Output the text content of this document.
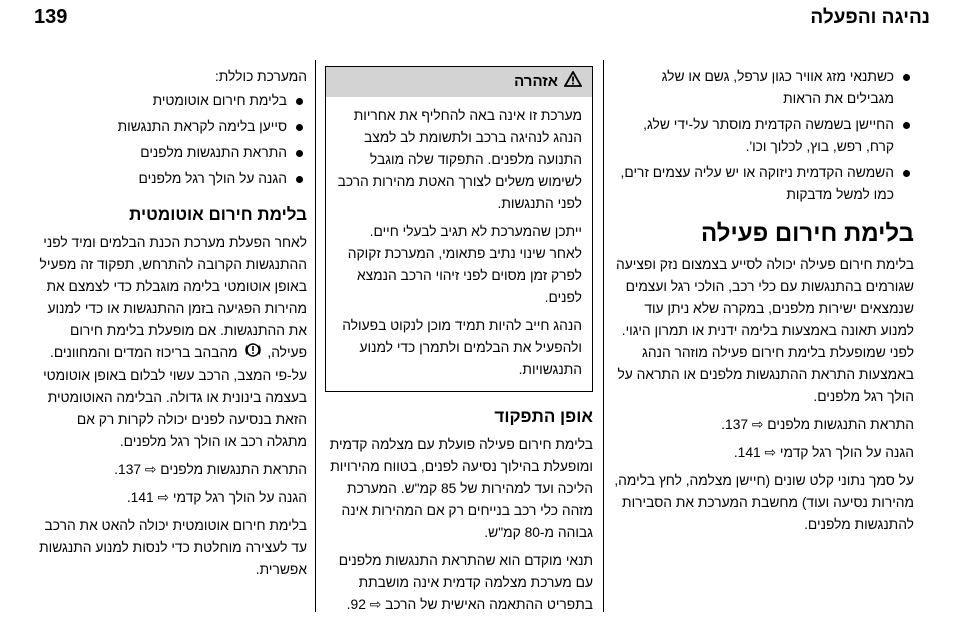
נהיגה והפעלה
139
כשתנאי מזג אוויר כגון ערפל, גשם או שלג מגבילים את הראות
החיישן בשמשה הקדמית מוסתר על-ידי שלג, קרח, רפש, בוץ, לכלוך וכו'.
השמשה הקדמית ניזוקה או יש עליה עצמים זרים, כמו למשל מדבקות
בלימת חירום פעילה

בלימת חירום פעילה יכולה לסייע בצמצום נזק ופציעה שגורמים בהתנגשות עם כלי רכב, הולכי רגל ועצמים שנמצאים ישירות מלפנים, במקרה שלא ניתן עוד למנוע תאונה באמצעות בלימה ידנית או תמרון היגוי. לפני שמופעלת בלימת חירום פעילה מוזהר הנהג באמצעות התראת ההתנגשות מלפנים או התראה על הולך רגל מלפנים.

התראת התנגשות מלפנים ⇨ 137.

הגנה על הולך רגל קדמי ⇨ 141.

על סמך נתוני קלט שונים (חיישן מצלמה, לחץ בלימה, מהירות נסיעה ועוד) מחשבת המערכת את הסבירות להתנגשות מלפנים.

אזהרה

מערכת זו אינה באה להחליף את אחריות הנהג לנהיגה ברכב ולתשומת לב למצב התנועה מלפנים. התפקוד שלה מוגבל לשימוש משלים לצורך האטת מהירות הרכב לפני התנגשות.

ייתכן שהמערכת לא תגיב לבעלי חיים. לאחר שינוי נתיב פתאומי, המערכת זקוקה לפרק זמן מסוים לפני זיהוי הרכב הנמצא לפנים.

הנהג חייב להיות תמיד מוכן לנקוט בפעולה ולהפעיל את הבלמים ולתמרן כדי למנוע התנגשויות.

אופן התפקוד

בלימת חירום פעילה פועלת עם מצלמה קדמית ומופעלת בהילוך נסיעה לפנים, בטווח מהירויות הליכה ועד למהירות של 85 קמ"ש. המערכת מזהה כלי רכב בנייחים רק אם המהירות אינה גבוהה מ-80 קמ"ש.

תנאי מוקדם הוא שהתראת התנגשות מלפנים עם מערכת מצלמה קדמית אינה מושבתת בתפריט ההתאמה האישית של הרכב ⇨ 92.

המערכת כוללת:

בלימת חירום אוטומטית
סייען בלימה לקראת התנגשות
התראת התנגשות מלפנים
הגנה על הולך רגל מלפנים
בלימת חירום אוטומטית

לאחר הפעלת מערכת הכנת הבלמים ומיד לפני ההתנגשות הקרובה להתרחש, תפקוד זה מפעיל באופן אוטומטי בלימה מוגבלת כדי לצמצם את מהירות הפגיעה בזמן ההתנגשות או כדי למנוע את ההתנגשות. אם מופעלת בלימת חירום פעילה,  מהבהב בריכוז המדים והמחוונים. על-פי המצב, הרכב עשוי לבלום באופן אוטומטי בעצמה בינונית או גדולה. הבלימה האוטומטית הזאת בנסיעה לפנים יכולה לקרות רק אם מתגלה רכב או הולך רגל מלפנים.

התראת התנגשות מלפנים ⇨ 137.

הגנה על הולך רגל קדמי ⇨ 141.

בלימת חירום אוטומטית יכולה להאט את הרכב עד לעצירה מוחלטת כדי לנסות למנוע התנגשות אפשרית.
